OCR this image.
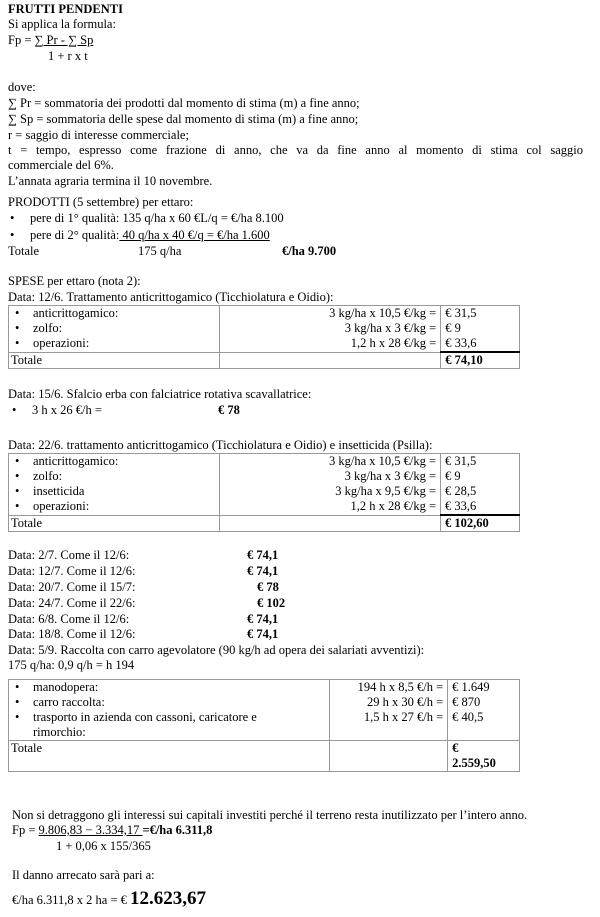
FRUTTI PENDENTI
Si applica la formula:
Fp = ∑ Pr - ∑ Sp
1 + r x t
dove:
∑ Pr = sommatoria dei prodotti dal momento di stima (m) a fine anno;
∑ Sp = sommatoria delle spese dal momento di stima (m) a fine anno;
r = saggio di interesse commerciale;
t = tempo, espresso come frazione di anno, che va da fine anno al momento di stima col saggio
commerciale del 6%.
L’annata agraria termina il 10 novembre.
PRODOTTI (5 settembre) per ettaro:
• pere di 1° qualità: 135 q/ha x 60 €L/q = €/ha 8.100
• pere di 2° qualità: 40 q/ha x 40 €/q = €/ha 1.600
Totale	175 q/ha	€/ha 9.700
SPESE per ettaro (nota 2):
Data: 12/6. Trattamento anticrittogamico (Ticchiolatura e Oidio):
• anticrittogamico:	3 kg/ha x 10,5 €/kg =	€ 31,5
• zolfo:	3 kg/ha x 3 €/kg =	€ 9
• operazioni:	1,2 h x 28 €/kg =	€ 33,6
Totale		€ 74,10
Data: 15/6. Sfalcio erba con falciatrice rotativa scavallatrice:
• 3 h x 26 €/h =	€ 78
Data: 22/6. trattamento anticrittogamico (Ticchiolatura e Oidio) e insetticida (Psilla):
• anticrittogamico:	3 kg/ha x 10,5 €/kg =	€ 31,5
• zolfo:	3 kg/ha x 3 €/kg =	€ 9
• insetticida	3 kg/ha x 9,5 €/kg =	€ 28,5
• operazioni:	1,2 h x 28 €/kg =	€ 33,6
Totale		€ 102,60
Data: 2/7. Come il 12/6:	€ 74,1
Data: 12/7. Come il 12/6:	€ 74,1
Data: 20/7. Come il 15/7:	€ 78
Data: 24/7. Come il 22/6:	€ 102
Data: 6/8. Come il 12/6:	€ 74,1
Data: 18/8. Come il 12/6:	€ 74,1
Data: 5/9. Raccolta con carro agevolatore (90 kg/h ad opera dei salariati avventizi):
175 q/ha: 0,9 q/h = h 194
• manodopera:	194 h x 8,5 €/h =	€ 1.649
• carro raccolta:	29 h x 30 €/h =	€ 870
• trasporto in azienda con cassoni, caricatore e	1,5 h x 27 €/h =	€ 40,5
rimorchio:		
Totale		€
2.559,50
Non si detraggono gli interessi sui capitali investiti perché il terreno resta inutilizzato per l’intero anno.
Fp = 9.806,83 − 3.334,17 =€/ha 6.311,8
1 + 0,06 x 155/365
Il danno arrecato sarà pari a:
€/ha 6.311,8 x 2 ha = € 12.623,67
